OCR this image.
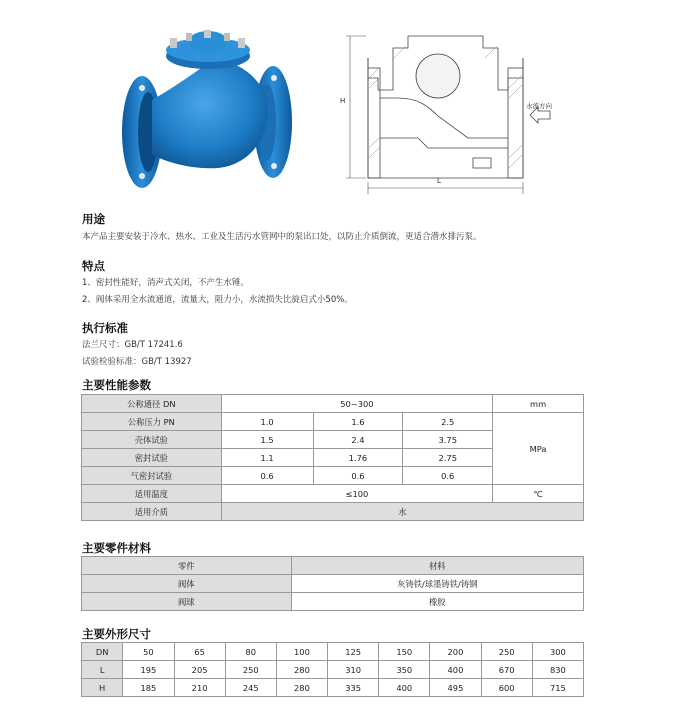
H
L
水流方向
用途
本产品主要安装于冷水、热水、工业及生活污水管网中的泵出口处，以防止介质倒流，更适合潜水排污泵。
特点
1、密封性能好，消声式关闭，不产生水锤。
2、阀体采用全水流通道，流量大，阻力小，水流损失比旋启式小50%。
执行标准
法兰尺寸：GB/T 17241.6
试验检验标准：GB/T 13927
主要性能参数
公称通径 DN	50~300			mm
公称压力 PN	1.0	1.6	2.5	MPa
壳体试验	1.5	2.4	3.75	
密封试验	1.1	1.76	2.75	
气密封试验	0.6	0.6	0.6	
适用温度	≤100			℃
适用介质	水			
主要零件材料
零件	材料
阀体	灰铸铁/球墨铸铁/铸钢
阀球	橡胶
主要外形尺寸
DN	50	65	80	100	125	150	200	250	300
L	195	205	250	280	310	350	400	670	830
H	185	210	245	280	335	400	495	600	715
